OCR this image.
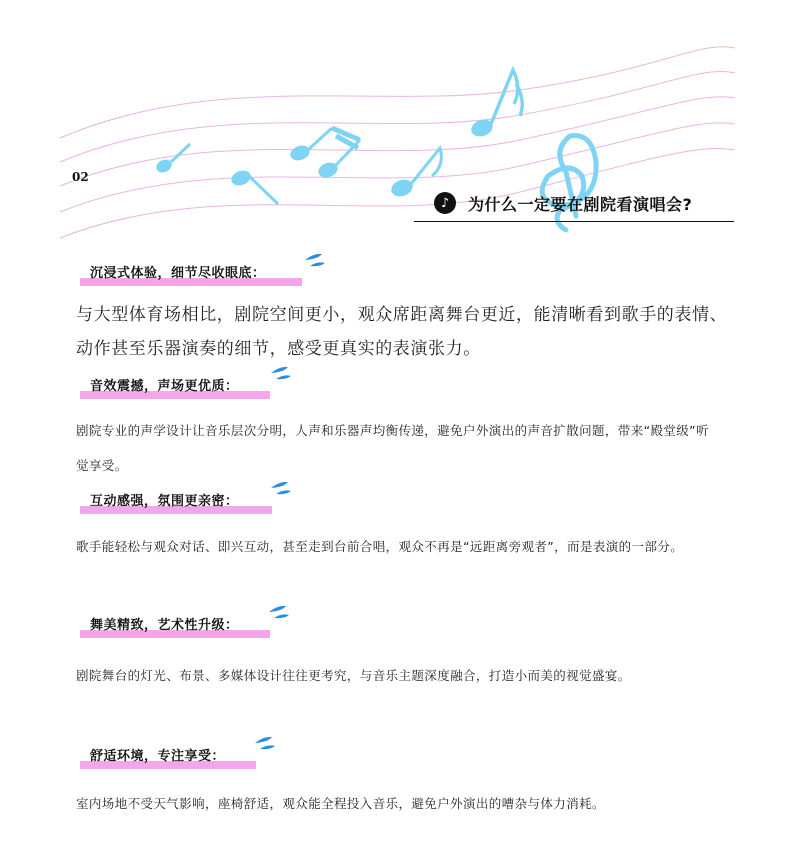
02
♪	为什么一定要在剧院看演唱会?
沉浸式体验，细节尽收眼底：
与大型体育场相比，剧院空间更小，观众席距离舞台更近，能清晰看到歌手的表情、动作甚至乐器演奏的细节，感受更真实的表演张力。
音效震撼，声场更优质：
剧院专业的声学设计让音乐层次分明，人声和乐器声均衡传递，避免户外演出的声音扩散问题，带来“殿堂级”听觉享受。
互动感强，氛围更亲密：
歌手能轻松与观众对话、即兴互动，甚至走到台前合唱，观众不再是“远距离旁观者”，而是表演的一部分。
舞美精致，艺术性升级：
剧院舞台的灯光、布景、多媒体设计往往更考究，与音乐主题深度融合，打造小而美的视觉盛宴。
舒适环境，专注享受：
室内场地不受天气影响，座椅舒适，观众能全程投入音乐，避免户外演出的嘈杂与体力消耗。
